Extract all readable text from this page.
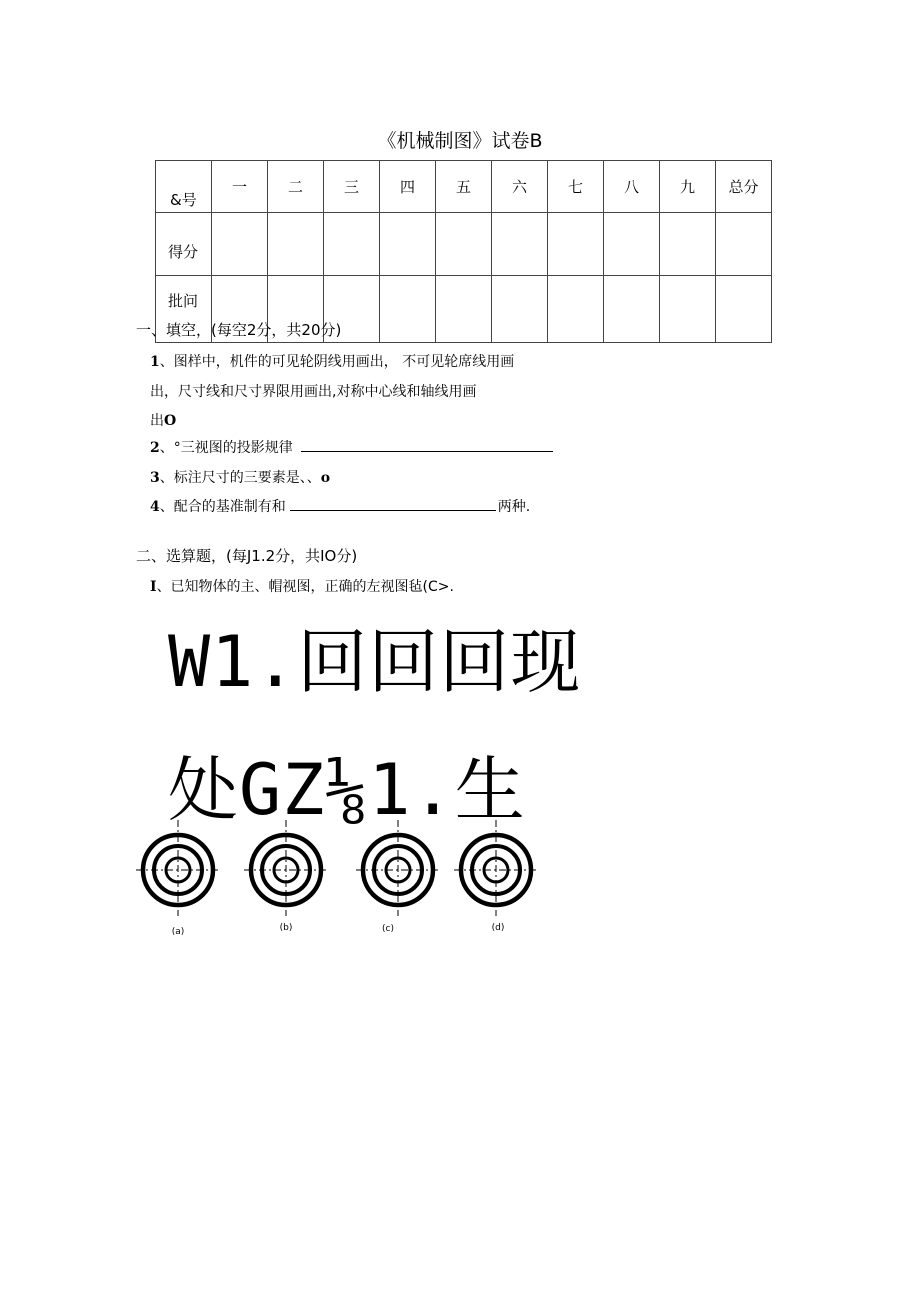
《机械制图》试卷B
&号	一	二	三	四	五	六	七	八	九	总分
得分										
批问										
一、填空，(每空2分，共20分)
1、图样中，机件的可见轮阴线用画出， 不可见轮席线用画
出，尺寸线和尺寸界限用画出,对称中心线和轴线用画
出O
2、°三视图的投影规律
3、标注尺寸的三要素是、、o
4、配合的基准制有和	两种.
二、选算题，(每J1.2分，共IO分)
I、已知物体的主、帽视图，正确的左视图毡(C>.
W1.回回回现
处GZ⅛1.生
(a)	(b)	(c)	(d)
